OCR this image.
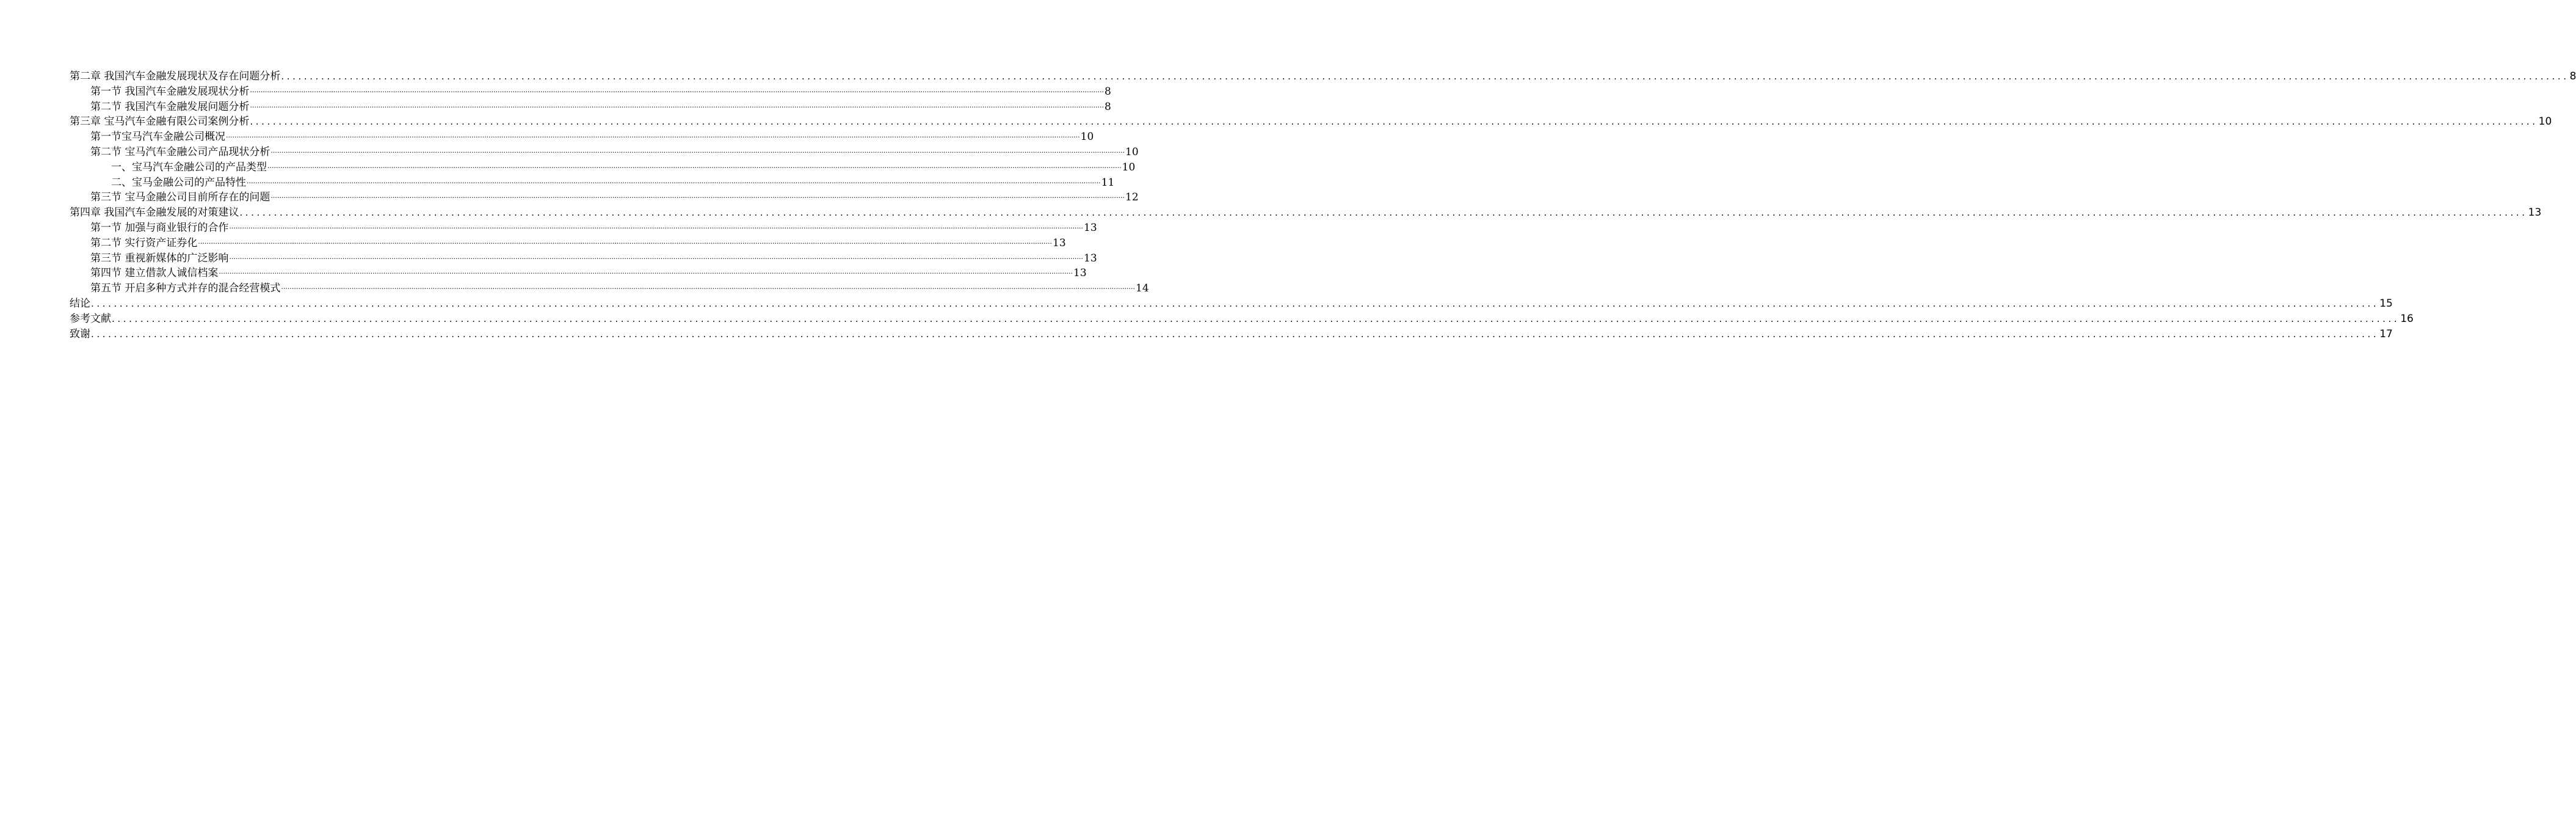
第二章 我国汽车金融发展现状及存在问题分析 ................................................................................................................................................................................................................................................................................................................................................................................................................ 8
第一节 我国汽车金融发展现状分析 ................................................................................................................................................................................................................................................................................................................................................................................................................ 8
第二节 我国汽车金融发展问题分析 ................................................................................................................................................................................................................................................................................................................................................................................................................ 8
第三章 宝马汽车金融有限公司案例分析 ................................................................................................................................................................................................................................................................................................................................................................................................................ 10
第一节宝马汽车金融公司概况 ................................................................................................................................................................................................................................................................................................................................................................................................................ 10
第二节 宝马汽车金融公司产品现状分析 ................................................................................................................................................................................................................................................................................................................................................................................................................ 10
一、宝马汽车金融公司的产品类型 ................................................................................................................................................................................................................................................................................................................................................................................................................ 10
二、宝马金融公司的产品特性 ................................................................................................................................................................................................................................................................................................................................................................................................................ 11
第三节 宝马金融公司目前所存在的问题 ................................................................................................................................................................................................................................................................................................................................................................................................................ 12
第四章 我国汽车金融发展的对策建议 ................................................................................................................................................................................................................................................................................................................................................................................................................ 13
第一节 加强与商业银行的合作 ................................................................................................................................................................................................................................................................................................................................................................................................................ 13
第二节 实行资产证券化 ................................................................................................................................................................................................................................................................................................................................................................................................................ 13
第三节 重视新媒体的广泛影响 ................................................................................................................................................................................................................................................................................................................................................................................................................ 13
第四节 建立借款人诚信档案 ................................................................................................................................................................................................................................................................................................................................................................................................................ 13
第五节 开启多种方式并存的混合经营模式 ................................................................................................................................................................................................................................................................................................................................................................................................................ 14
结论 ................................................................................................................................................................................................................................................................................................................................................................................................................ 15
参考文献 ................................................................................................................................................................................................................................................................................................................................................................................................................ 16
致谢 ................................................................................................................................................................................................................................................................................................................................................................................................................ 17
